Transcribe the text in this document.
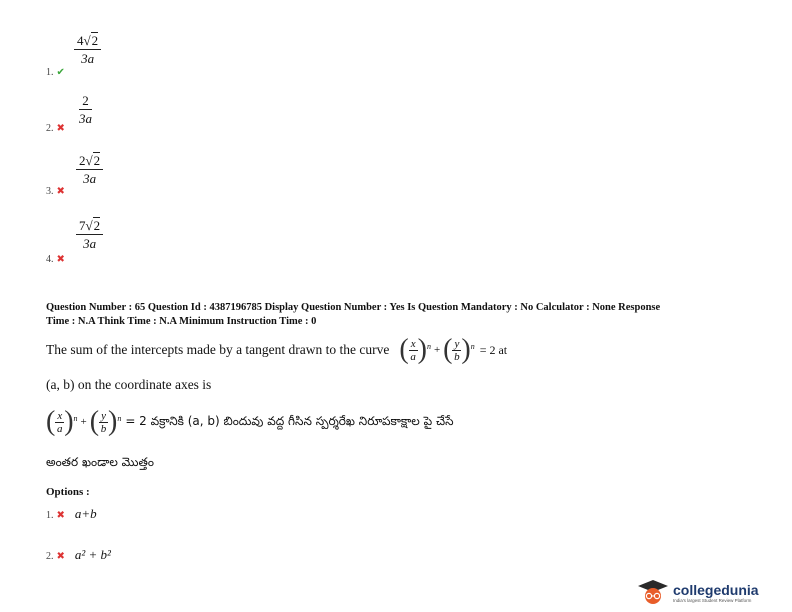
$\frac{4√2}{3a}$
1. ✔
$\frac{2}{3a}$
2. ✖
$\frac{2√2}{3a}$
3. ✖
$\frac{7√2}{3a}$
4. ✖
Question Number : 65 Question Id : 4387196785 Display Question Number : Yes Is Question Mandatory : No Calculator : None Response
Time : N.A Think Time : N.A Minimum Instruction Time : 0
The sum of the intercepts made by a tangent drawn to the curve ( x
a ) n + ( y
b ) n = 2 at
(a, b) on the coordinate axes is
( x
a ) n + ( y
b ) n = 2 వక్రానికి (a, b) బిందువు వద్ద గీసిన స్పర్శరేఖ నిరూపకాక్షాల పై చేసే
అంతర ఖండాల మొత్తం
Options :
1. ✖ a+b
2. ✖ a² + b²
collegedunia
India's largest Student Review Platform
